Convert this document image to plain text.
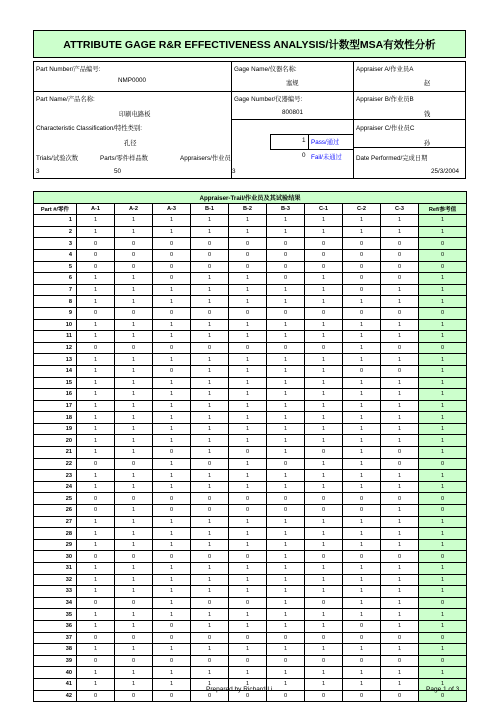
ATTRIBUTE GAGE R&R EFFECTIVENESS ANALYSIS/计数型MSA有效性分析
Part Number/产品编号:
NMP0000
Gage Name/仪器名称:
塞规
Appraiser A/作业员A
赵
Part Name/产品名称:
印刷电路板
Gage Number/仪器编号:
800801
Appraiser B/作业员B
钱
Characteristic Classification/特性类别:
孔径	1 Pass/通过
0 Fail/未通过
Appraiser C/作业员C
孙
Trials/试验次数	Parts/零件样品数	Appraisers/作业员	Date Performed/完成日期
3	50	3	25/3/2004
Appraiser-Trail/作业员及其试验结果										
Part #/零件	A-1	A-2	A-3	B-1	B-2	B-3	C-1	C-2	C-3	Ref/参考值
1	1	1	1	1	1	1	1	1	1	1
2	1	1	1	1	1	1	1	1	1	1
3	0	0	0	0	0	0	0	0	0	0
4	0	0	0	0	0	0	0	0	0	0
5	0	0	0	0	0	0	0	0	0	0
6	1	1	0	1	1	0	1	0	0	1
7	1	1	1	1	1	1	1	0	1	1
8	1	1	1	1	1	1	1	1	1	1
9	0	0	0	0	0	0	0	0	0	0
10	1	1	1	1	1	1	1	1	1	1
11	1	1	1	1	1	1	1	1	1	1
12	0	0	0	0	0	0	0	1	0	0
13	1	1	1	1	1	1	1	1	1	1
14	1	1	0	1	1	1	1	0	0	1
15	1	1	1	1	1	1	1	1	1	1
16	1	1	1	1	1	1	1	1	1	1
17	1	1	1	1	1	1	1	1	1	1
18	1	1	1	1	1	1	1	1	1	1
19	1	1	1	1	1	1	1	1	1	1
20	1	1	1	1	1	1	1	1	1	1
21	1	1	0	1	0	1	0	1	0	1
22	0	0	1	0	1	0	1	1	0	0
23	1	1	1	1	1	1	1	1	1	1
24	1	1	1	1	1	1	1	1	1	1
25	0	0	0	0	0	0	0	0	0	0
26	0	1	0	0	0	0	0	0	1	0
27	1	1	1	1	1	1	1	1	1	1
28	1	1	1	1	1	1	1	1	1	1
29	1	1	1	1	1	1	1	1	1	1
30	0	0	0	0	0	1	0	0	0	0
31	1	1	1	1	1	1	1	1	1	1
32	1	1	1	1	1	1	1	1	1	1
33	1	1	1	1	1	1	1	1	1	1
34	0	0	1	0	0	1	0	1	1	0
35	1	1	1	1	1	1	1	1	1	1
36	1	1	0	1	1	1	1	0	1	1
37	0	0	0	0	0	0	0	0	0	0
38	1	1	1	1	1	1	1	1	1	1
39	0	0	0	0	0	0	0	0	0	0
40	1	1	1	1	1	1	1	1	1	1
41	1	1	1	1	1	1	1	1	1	1
42	0	0	0	0	0	0	0	0	0	0
Prepared by Richard Li	Page 1 of 3
